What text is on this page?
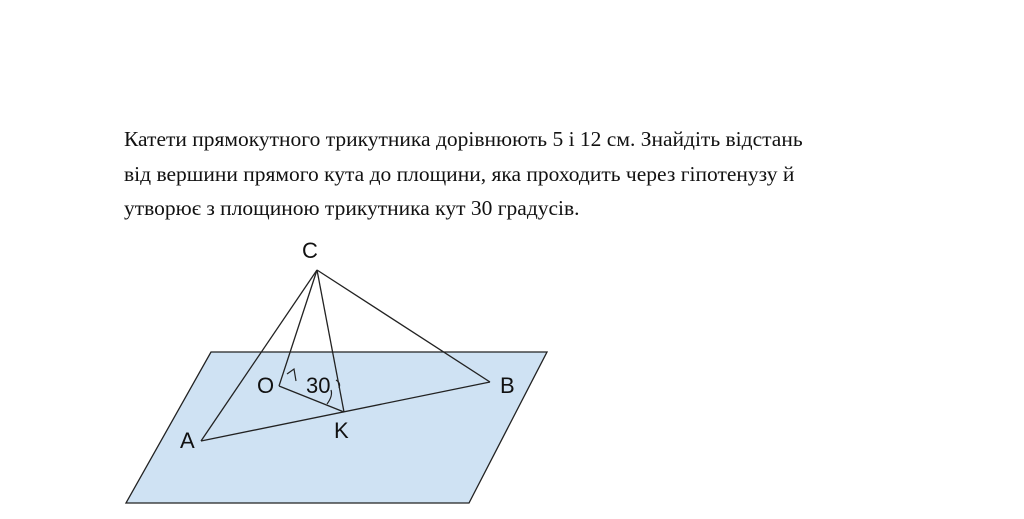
Катети прямокутного трикутника дорівнюють 5 і 12 см. Знайдіть відстань
від вершини прямого кута до площини, яка проходить через гіпотенузу й
утворює з площиною трикутника кут 30 градусів.

C
O 30	B
A	K
